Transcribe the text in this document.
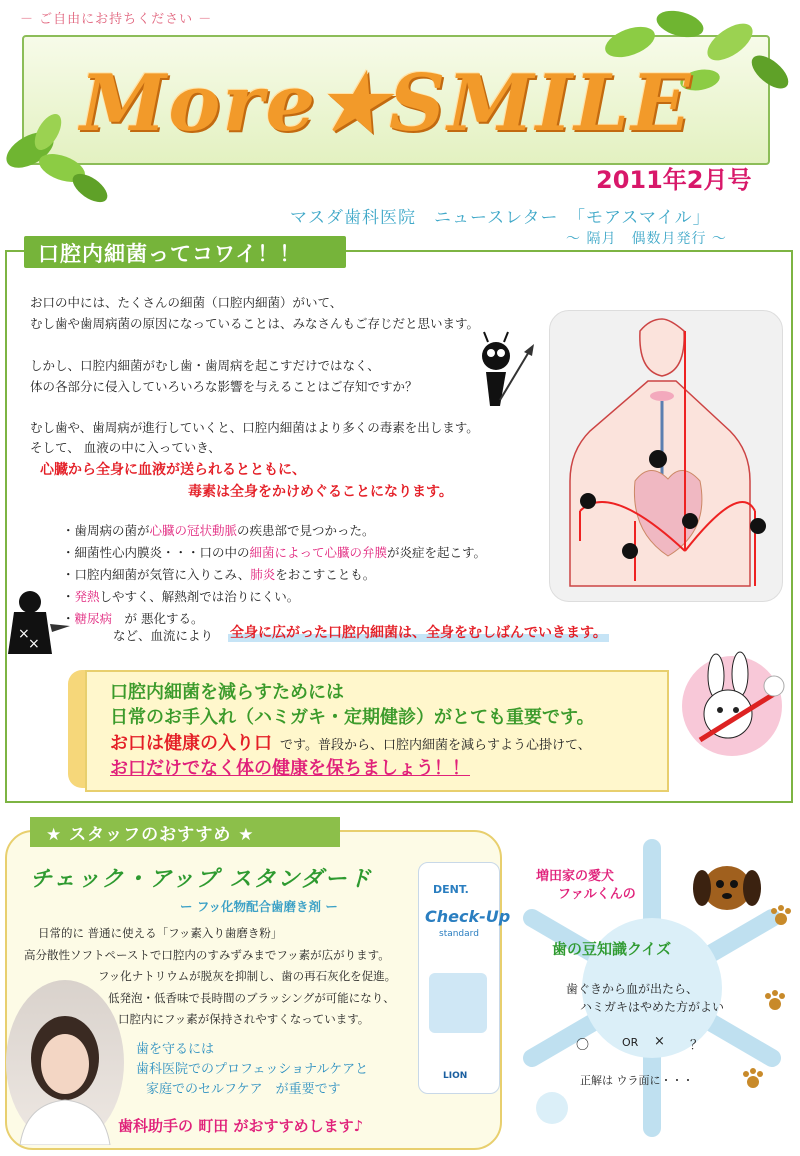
－ ご自由にお持ちください －
More★SMILE
2011年2月号
マスダ歯科医院　ニュースレター　「モアスマイル」
～ 隔月　偶数月発行 ～
口腔内細菌ってコワイ！！
お口の中には、たくさんの細菌（口腔内細菌）がいて、
むし歯や歯周病菌の原因になっていることは、みなさんもご存じだと思います。
しかし、口腔内細菌がむし歯・歯周病を起こすだけではなく、
体の各部分に侵入していろいろな影響を与えることはご存知ですか？
むし歯や、歯周病が進行していくと、口腔内細菌はより多くの毒素を出します。
そして、 血液の中に入っていき、
心臓から全身に血液が送られるとともに、
毒素は全身をかけめぐることになります。
・歯周病の菌が心臓の冠状動脈の疾患部で見つかった。
・細菌性心内膜炎・・・口の中の細菌によって心臓の弁膜が炎症を起こす。
・口腔内細菌が気管に入りこみ、肺炎をおこすことも。
・発熱しやすく、解熱剤では治りにくい。
・糖尿病　が 悪化する。
×
×
など、血流により 全身に広がった口腔内細菌は、全身をむしばんでいきます。
口腔内細菌を減らすためには
日常のお手入れ（ハミガキ・定期健診）がとても重要です。
お口は健康の入り口 です。普段から、口腔内細菌を減らすよう心掛けて、
お口だけでなく体の健康を保ちましょう！！
★ スタッフのおすすめ ★
チェック・アップ スタンダード
ー フッ化物配合歯磨き剤 ー
日常的に 普通に使える「フッ素入り歯磨き粉」
高分散性ソフトペーストで口腔内のすみずみまでフッ素が広がります。
フッ化ナトリウムが脱灰を抑制し、歯の再石灰化を促進。
低発泡・低香味で長時間のブラッシングが可能になり、
口腔内にフッ素が保持されやすくなっています。
歯を守るには
歯科医院でのプロフェッショナルケアと
家庭でのセルフケア　が重要です
歯科助手の 町田 がおすすめします♪
DENT.
Check-Up
standard
LION
増田家の愛犬
ファルくんの
歯の豆知識クイズ
歯ぐきから血が出たら、
ハミガキはやめた方がよい
〇	OR × ？
正解は ウラ面に・・・
